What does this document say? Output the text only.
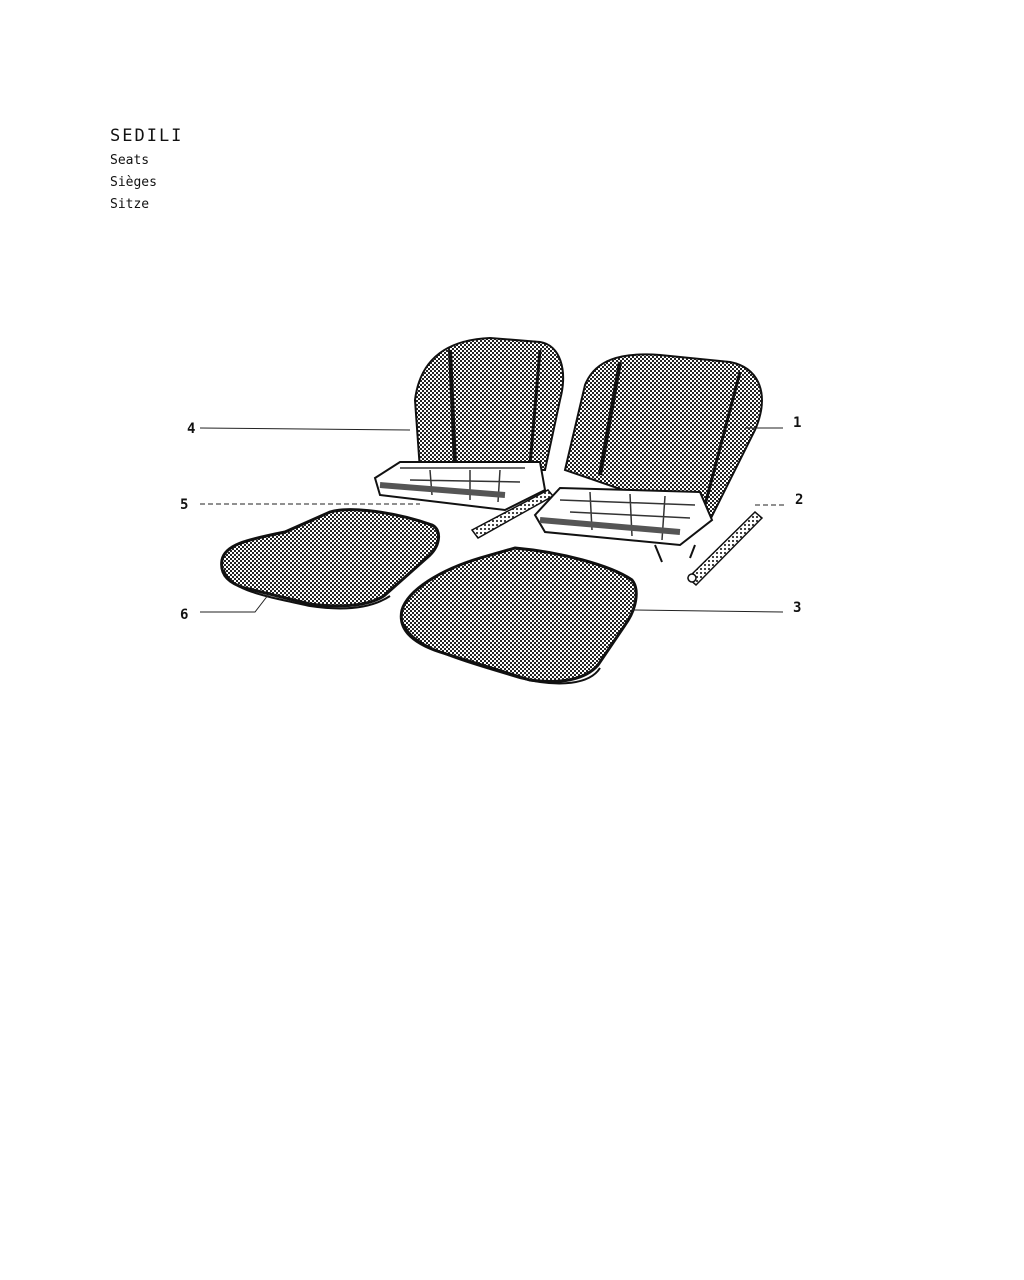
SEDILI
Seats
Sièges
Sitze
4
5
6
1
2
3
